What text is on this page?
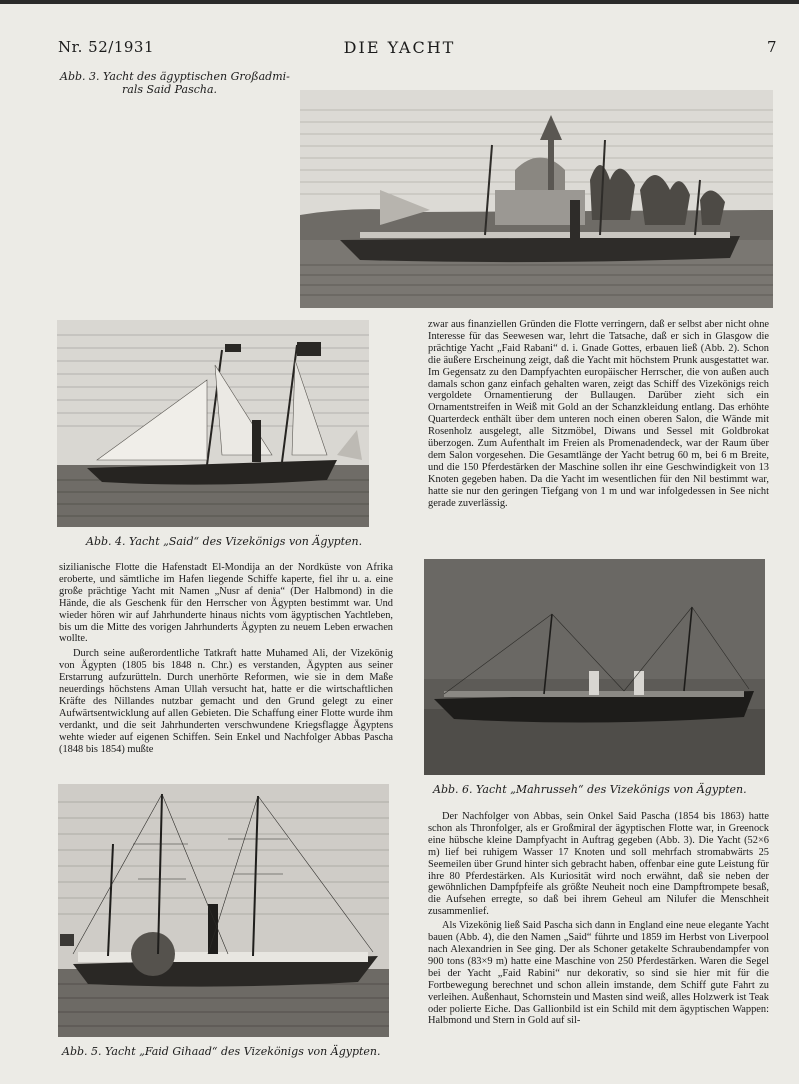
Nr. 52/1931	DIE YACHT	7
Abb. 3. Yacht des ägyptischen Großadmi-
rals Said Pascha.
Abb. 4. Yacht „Said“ des Vizekönigs von Ägypten.

zwar aus finanziellen Gründen die Flotte verringern, daß er selbst aber nicht ohne Interesse für das Seewesen war, lehrt die Tatsache, daß er sich in Glasgow die prächtige Yacht „Faid Rabani“ d. i. Gnade Gottes, erbauen ließ (Abb. 2). Schon die äußere Erscheinung zeigt, daß die Yacht mit höchstem Prunk ausgestattet war. Im Gegensatz zu den Dampfyachten europäischer Herrscher, die von außen auch damals schon ganz einfach gehalten waren, zeigt das Schiff des Vizekönigs reich vergoldete Ornamentierung der Bullaugen. Darüber zieht sich ein Ornamentstreifen in Weiß mit Gold an der Schanzkleidung entlang. Das erhöhte Quarterdeck enthält über dem unteren noch einen oberen Salon, die Wände mit Rosenholz ausgelegt, alle Sitzmöbel, Diwans und Sessel mit Goldbrokat überzogen. Zum Aufenthalt im Freien als Promenadendeck, war der Raum über dem Salon vorgesehen. Die Gesamtlänge der Yacht betrug 60 m, bei 6 m Breite, und die 150 Pferdestärken der Maschine sollen ihr eine Geschwindigkeit von 13 Knoten gegeben haben. Da die Yacht im wesentlichen für den Nil bestimmt war, hatte sie nur den geringen Tiefgang von 1 m und war infolgedessen in See nicht gerade zuverlässig.

sizilianische Flotte die Hafenstadt El-Mondija an der Nordküste von Afrika eroberte, und sämtliche im Hafen liegende Schiffe kaperte, fiel ihr u. a. eine große prächtige Yacht mit Namen „Nusr af denia“ (Der Halbmond) in die Hände, die als Geschenk für den Herrscher von Ägypten bestimmt war. Und wieder hören wir auf Jahrhunderte hinaus nichts vom ägyptischen Yachtleben, bis um die Mitte des vorigen Jahrhunderts Ägypten zu neuem Leben erwachen wollte.

Durch seine außerordentliche Tatkraft hatte Muhamed Ali, der Vizekönig von Ägypten (1805 bis 1848 n. Chr.) es verstanden, Ägypten aus seiner Erstarrung aufzurütteln. Durch unerhörte Reformen, wie sie in dem Maße neuerdings höchstens Aman Ullah versucht hat, hatte er die wirtschaftlichen Kräfte des Nillandes nutzbar gemacht und den Grund gelegt zu einer Aufwärtsentwicklung auf allen Gebieten. Die Schaffung einer Flotte wurde ihm verdankt, und die seit Jahrhunderten verschwundene Kriegsflagge Ägyptens wehte wieder auf eigenen Schiffen. Sein Enkel und Nachfolger Abbas Pascha (1848 bis 1854) mußte

Abb. 6. Yacht „Mahrusseh“ des Vizekönigs von Ägypten.
Abb. 5. Yacht „Faid Gihaad“ des Vizekönigs von Ägypten.

Der Nachfolger von Abbas, sein Onkel Said Pascha (1854 bis 1863) hatte schon als Thronfolger, als er Großmiral der ägyptischen Flotte war, in Greenock eine hübsche kleine Dampfyacht in Auftrag gegeben (Abb. 3). Die Yacht (52×6 m) lief bei ruhigem Wasser 17 Knoten und soll mehrfach stromabwärts 25 Seemeilen über Grund hinter sich gebracht haben, offenbar eine gute Leistung für ihre 80 Pferdestärken. Als Kuriosität wird noch erwähnt, daß sie neben der gewöhnlichen Dampfpfeife als größte Neuheit noch eine Dampftrompete besaß, die Aufsehen erregte, so daß bei ihrem Geheul am Nilufer die Menschheit zusammenlief.

Als Vizekönig ließ Said Pascha sich dann in England eine neue elegante Yacht bauen (Abb. 4), die den Namen „Said“ führte und 1859 im Herbst von Liverpool nach Alexandrien in See ging. Der als Schoner getakelte Schraubendampfer von 900 tons (83×9 m) hatte eine Maschine von 250 Pferdestärken. Waren die Segel bei der Yacht „Faid Rabini“ nur dekorativ, so sind sie hier mit für die Fortbewegung berechnet und schon allein imstande, dem Schiff gute Fahrt zu verleihen. Außenhaut, Schornstein und Masten sind weiß, alles Holzwerk ist Teak oder polierte Eiche. Das Gallionbild ist ein Schild mit dem ägyptischen Wappen: Halbmond und Stern in Gold auf sil-
